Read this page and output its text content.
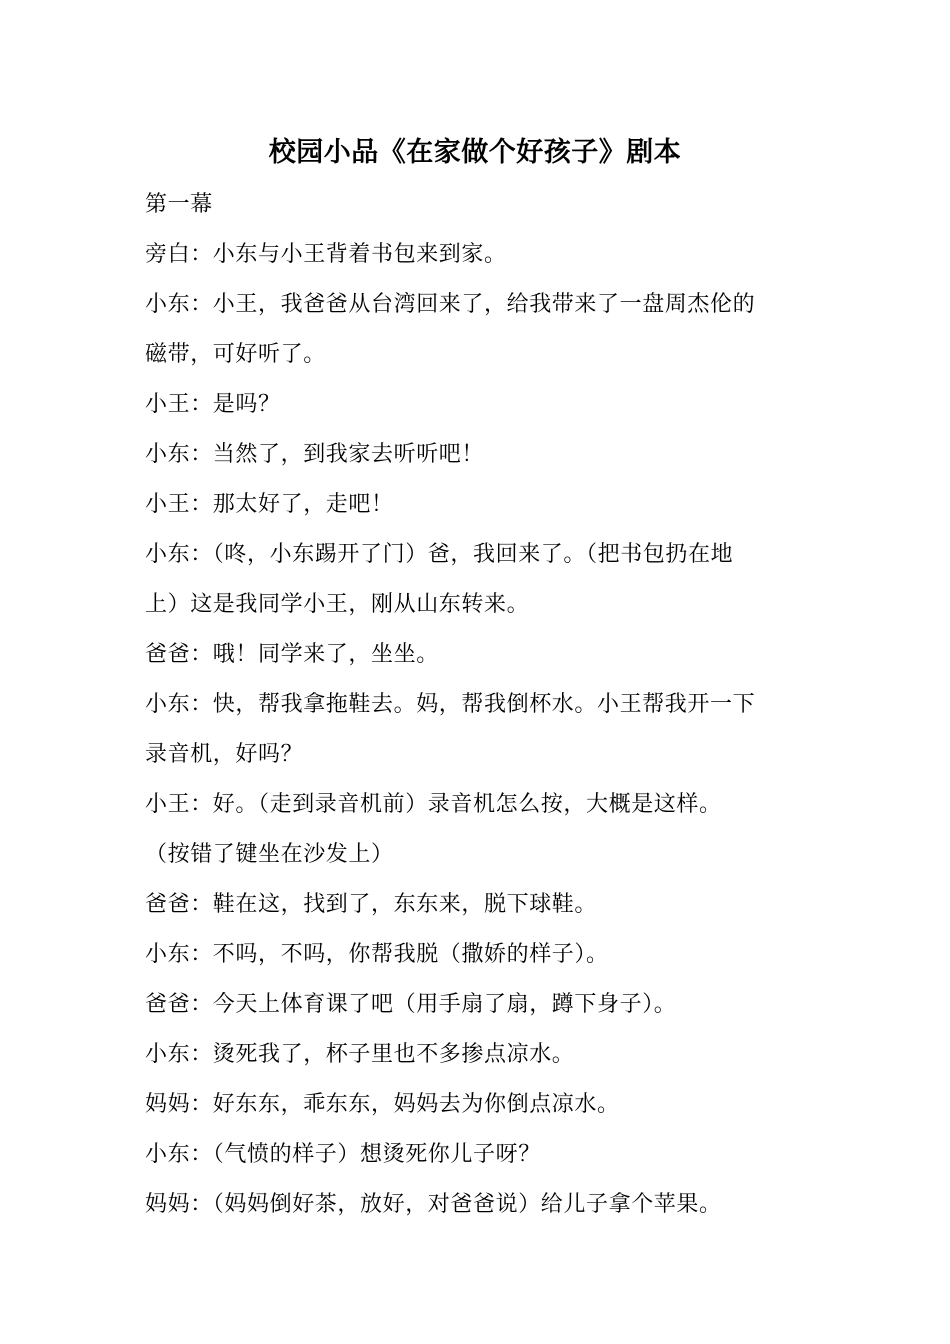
校园小品《在家做个好孩子》剧本
第一幕
旁白：小东与小王背着书包来到家。
小东：小王，我爸爸从台湾回来了，给我带来了一盘周杰伦的
磁带，可好听了。
小王：是吗？
小东：当然了，到我家去听听吧！
小王：那太好了，走吧！
小东：（咚，小东踢开了门）爸，我回来了。（把书包扔在地
上）这是我同学小王，刚从山东转来。
爸爸：哦！同学来了，坐坐。
小东：快，帮我拿拖鞋去。妈，帮我倒杯水。小王帮我开一下
录音机，好吗？
小王：好。（走到录音机前）录音机怎么按，大概是这样。
（按错了键坐在沙发上）
爸爸：鞋在这，找到了，东东来，脱下球鞋。
小东：不吗，不吗，你帮我脱（撒娇的样子）。
爸爸：今天上体育课了吧（用手扇了扇，蹲下身子）。
小东：烫死我了，杯子里也不多掺点凉水。
妈妈：好东东，乖东东，妈妈去为你倒点凉水。
小东：（气愤的样子）想烫死你儿子呀？
妈妈：（妈妈倒好茶，放好，对爸爸说）给儿子拿个苹果。
